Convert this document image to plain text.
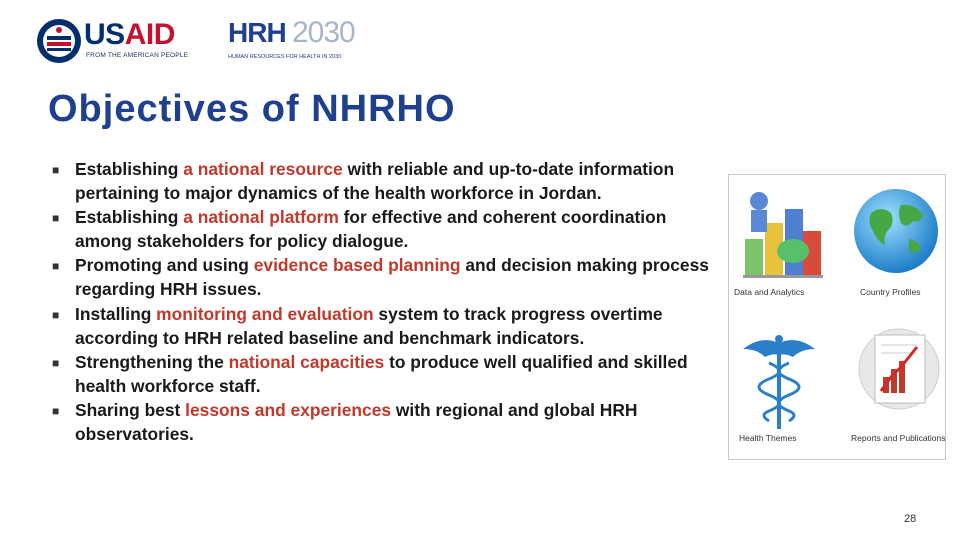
USAID
FROM THE AMERICAN PEOPLE
HRH 2030
HUMAN RESOURCES FOR HEALTH IN 2030
Objectives of NHRHO
■ Establishing a national resource with reliable and up-to-date information pertaining to major dynamics of the health workforce in Jordan.
■ Establishing a national platform for effective and coherent coordination among stakeholders for policy dialogue.
■ Promoting and using evidence based planning and decision making process regarding HRH issues.
■ Installing monitoring and evaluation system to track progress overtime according to HRH related baseline and benchmark indicators.
■ Strengthening the national capacities to produce well qualified and skilled health workforce staff.
■ Sharing best lessons and experiences with regional and global HRH observatories.
Data and Analytics	Country Profiles
Health Themes	Reports and Publications
28
